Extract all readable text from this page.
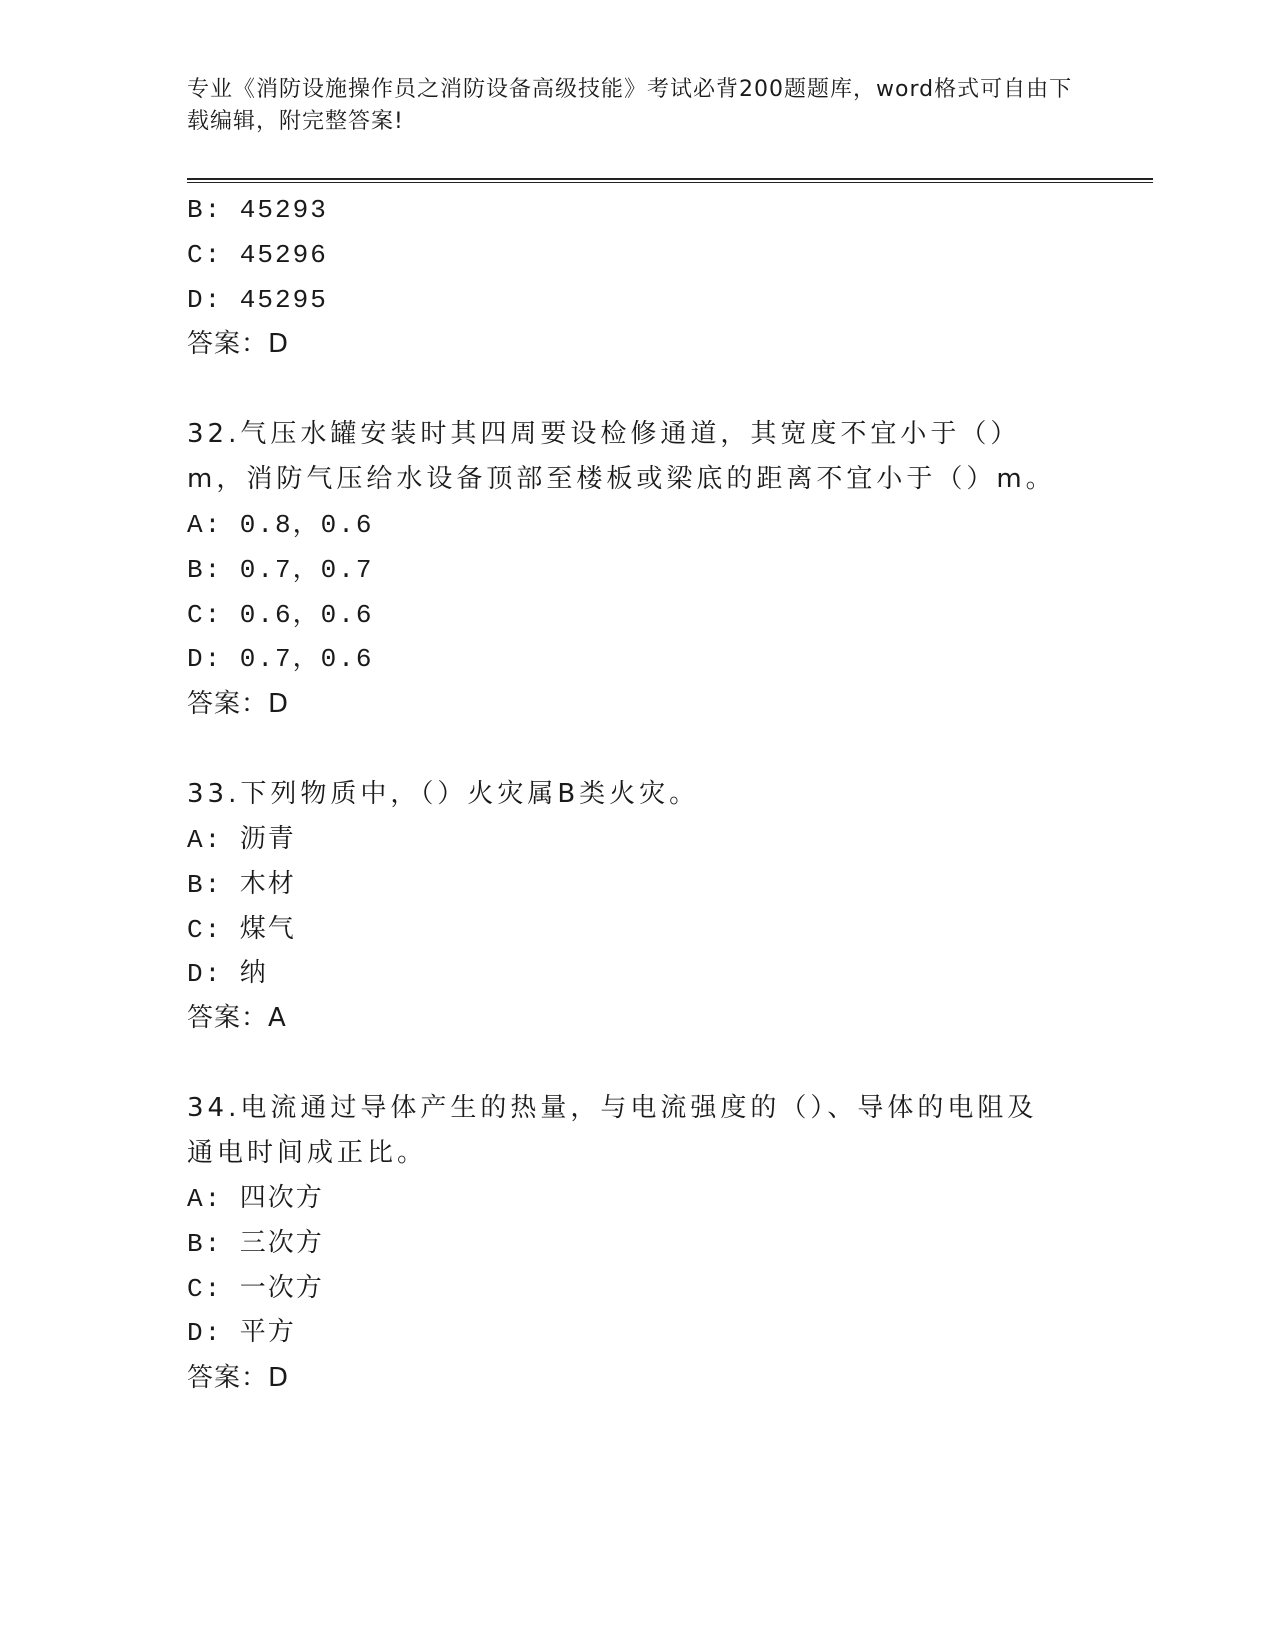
专业《消防设施操作员之消防设备高级技能》考试必背200题题库，word格式可自由下载编辑，附完整答案!
B: 45293
C: 45296
D: 45295
答案：D
32.气压水罐安装时其四周要设检修通道，其宽度不宜小于（）m，消防气压给水设备顶部至楼板或梁底的距离不宜小于（）m。
A: 0.8，0.6
B: 0.7，0.7
C: 0.6，0.6
D: 0.7，0.6
答案：D
33.下列物质中，（）火灾属B类火灾。
A: 沥青
B: 木材
C: 煤气
D: 纳
答案：A
34.电流通过导体产生的热量，与电流强度的（）、导体的电阻及通电时间成正比。
A: 四次方
B: 三次方
C: 一次方
D: 平方
答案：D
